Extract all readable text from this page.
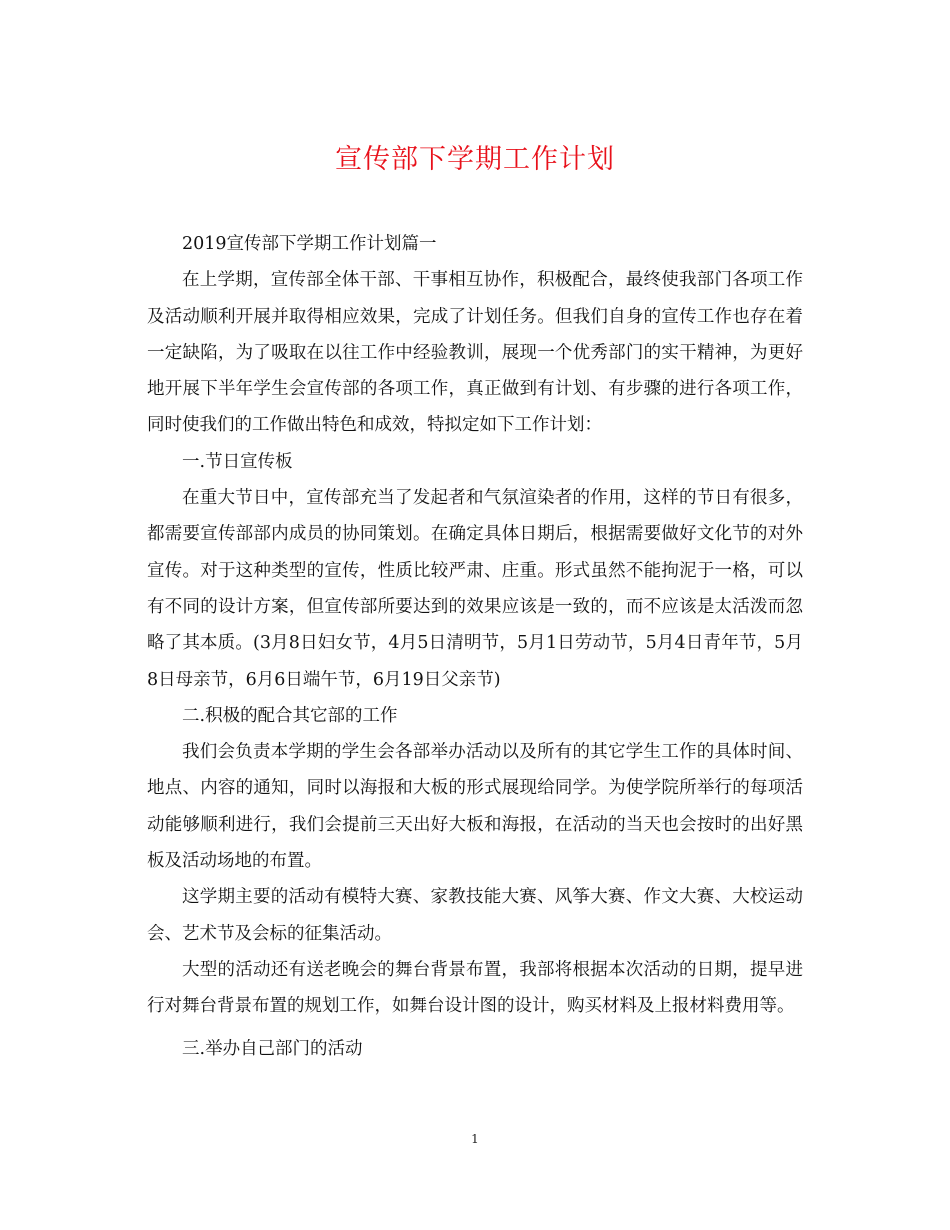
宣传部下学期工作计划

2019宣传部下学期工作计划篇一

在上学期，宣传部全体干部、干事相互协作，积极配合，最终使我部门各项工作及活动顺利开展并取得相应效果，完成了计划任务。但我们自身的宣传工作也存在着一定缺陷，为了吸取在以往工作中经验教训，展现一个优秀部门的实干精神，为更好地开展下半年学生会宣传部的各项工作，真正做到有计划、有步骤的进行各项工作，同时使我们的工作做出特色和成效，特拟定如下工作计划：

一.节日宣传板

在重大节日中，宣传部充当了发起者和气氛渲染者的作用，这样的节日有很多，都需要宣传部部内成员的协同策划。在确定具体日期后，根据需要做好文化节的对外宣传。对于这种类型的宣传，性质比较严肃、庄重。形式虽然不能拘泥于一格，可以有不同的设计方案，但宣传部所要达到的效果应该是一致的，而不应该是太活泼而忽略了其本质。(3月8日妇女节，4月5日清明节，5月1日劳动节，5月4日青年节，5月8日母亲节，6月6日端午节，6月19日父亲节)

二.积极的配合其它部的工作

我们会负责本学期的学生会各部举办活动以及所有的其它学生工作的具体时间、地点、内容的通知，同时以海报和大板的形式展现给同学。为使学院所举行的每项活动能够顺利进行，我们会提前三天出好大板和海报，在活动的当天也会按时的出好黑板及活动场地的布置。

这学期主要的活动有模特大赛、家教技能大赛、风筝大赛、作文大赛、大校运动会、艺术节及会标的征集活动。

大型的活动还有送老晚会的舞台背景布置，我部将根据本次活动的日期，提早进行对舞台背景布置的规划工作，如舞台设计图的设计，购买材料及上报材料费用等。

三.举办自己部门的活动

1
